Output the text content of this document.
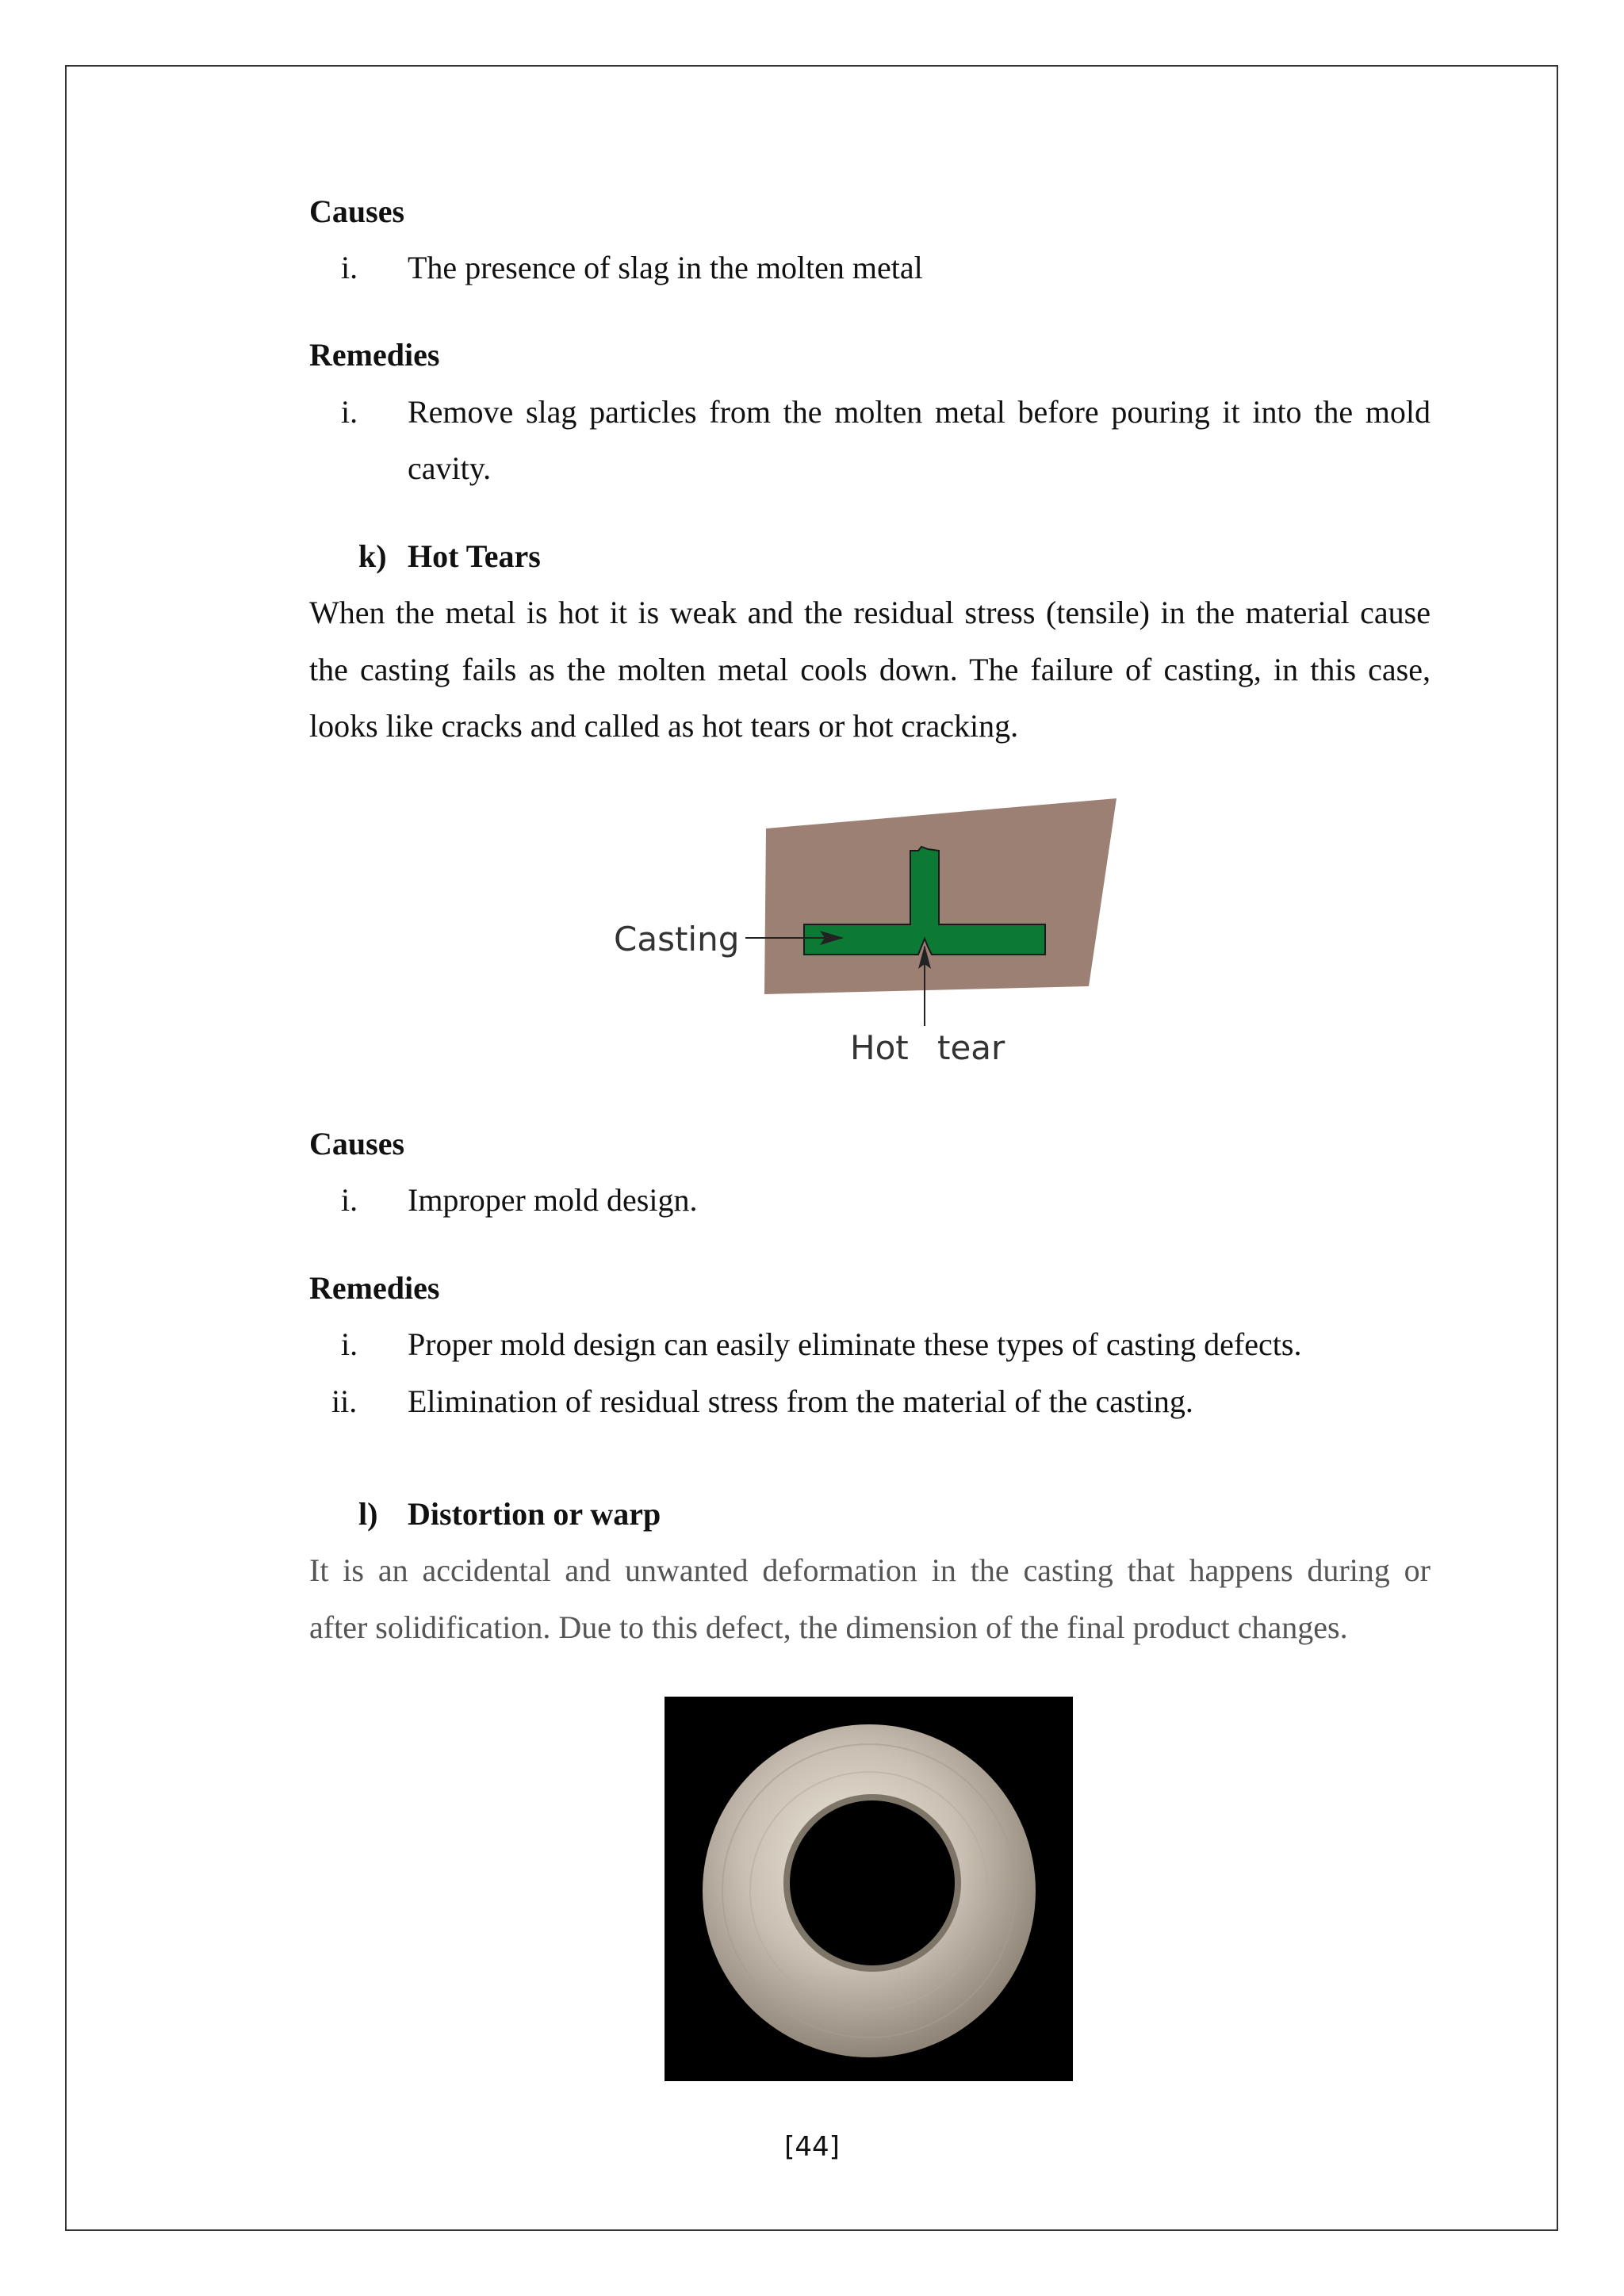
Causes
i. The presence of slag in the molten metal
Remedies
i. Remove slag particles from the molten metal before pouring it into the mold
cavity.
k) Hot Tears
When the metal is hot it is weak and the residual stress (tensile) in the material cause
the casting fails as the molten metal cools down. The failure of casting, in this case,
looks like cracks and called as hot tears or hot cracking.
Casting
Hot tear
Causes
i. Improper mold design.
Remedies
i. Proper mold design can easily eliminate these types of casting defects.
ii. Elimination of residual stress from the material of the casting.
l) Distortion or warp
It is an accidental and unwanted deformation in the casting that happens during or
after solidification. Due to this defect, the dimension of the final product changes.
[44]
